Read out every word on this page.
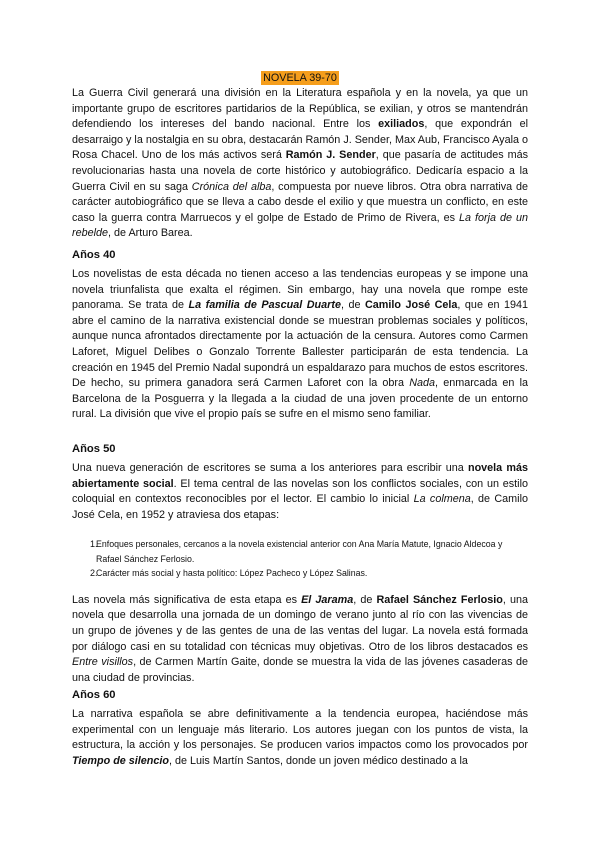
NOVELA 39-70

La Guerra Civil generará una división en la Literatura española y en la novela, ya que un importante grupo de escritores partidarios de la República, se exilian, y otros se mantendrán defendiendo los intereses del bando nacional. Entre los exiliados, que expondrán el desarraigo y la nostalgia en su obra, destacarán Ramón J. Sender, Max Aub, Francisco Ayala o Rosa Chacel. Uno de los más activos será Ramón J. Sender, que pasaría de actitudes más revolucionarias hasta una novela de corte histórico y autobiográfico. Dedicaría espacio a la Guerra Civil en su saga Crónica del alba, compuesta por nueve libros. Otra obra narrativa de carácter autobiográfico que se lleva a cabo desde el exilio y que muestra un conflicto, en este caso la guerra contra Marruecos y el golpe de Estado de Primo de Rivera, es La forja de un rebelde, de Arturo Barea.

Años 40

Los novelistas de esta década no tienen acceso a las tendencias europeas y se impone una novela triunfalista que exalta el régimen. Sin embargo, hay una novela que rompe este panorama. Se trata de La familia de Pascual Duarte, de Camilo José Cela, que en 1941 abre el camino de la narrativa existencial donde se muestran problemas sociales y políticos, aunque nunca afrontados directamente por la actuación de la censura. Autores como Carmen Laforet, Miguel Delibes o Gonzalo Torrente Ballester participarán de esta tendencia. La creación en 1945 del Premio Nadal supondrá un espaldarazo para muchos de estos escritores. De hecho, su primera ganadora será Carmen Laforet con la obra Nada, enmarcada en la Barcelona de la Posguerra y la llegada a la ciudad de una joven procedente de un entorno rural. La división que vive el propio país se sufre en el mismo seno familiar.

Años 50

Una nueva generación de escritores se suma a los anteriores para escribir una novela más abiertamente social. El tema central de las novelas son los conflictos sociales, con un estilo coloquial en contextos reconocibles por el lector. El cambio lo inicial La colmena, de Camilo José Cela, en 1952 y atraviesa dos etapas:

1.
Enfoques personales, cercanos a la novela existencial anterior con Ana María Matute, Ignacio Aldecoa y Rafael Sánchez Ferlosio.
2.
Carácter más social y hasta político: López Pacheco y López Salinas.

Las novela más significativa de esta etapa es El Jarama, de Rafael Sánchez Ferlosio, una novela que desarrolla una jornada de un domingo de verano junto al río con las vivencias de un grupo de jóvenes y de las gentes de una de las ventas del lugar. La novela está formada por diálogo casi en su totalidad con técnicas muy objetivas. Otro de los libros destacados es Entre visillos, de Carmen Martín Gaite, donde se muestra la vida de las jóvenes casaderas de una ciudad de provincias.

Años 60

La narrativa española se abre definitivamente a la tendencia europea, haciéndose más experimental con un lenguaje más literario. Los autores juegan con los puntos de vista, la estructura, la acción y los personajes. Se producen varios impactos como los provocados por Tiempo de silencio, de Luis Martín Santos, donde un joven médico destinado a la
